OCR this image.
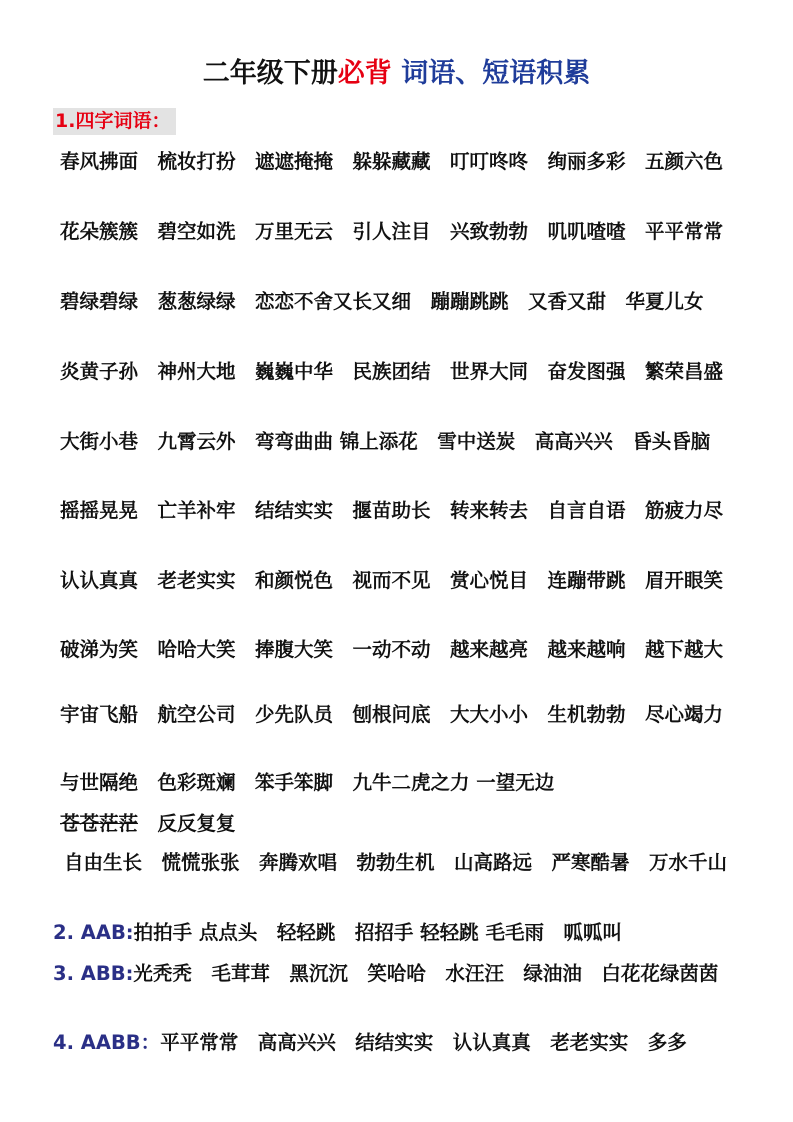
二年级下册必背 词语、短语积累
1.四字词语：
春风拂面　梳妆打扮　遮遮掩掩　躲躲藏藏　叮叮咚咚　绚丽多彩　五颜六色
花朵簇簇　碧空如洗　万里无云　引人注目　兴致勃勃　叽叽喳喳　平平常常
碧绿碧绿　葱葱绿绿　恋恋不舍又长又细　蹦蹦跳跳　又香又甜　华夏儿女
炎黄子孙　神州大地　巍巍中华　民族团结　世界大同　奋发图强　繁荣昌盛
大街小巷　九霄云外　弯弯曲曲 锦上添花　雪中送炭　高高兴兴　昏头昏脑
摇摇晃晃　亡羊补牢　结结实实　揠苗助长　转来转去　自言自语　筋疲力尽
认认真真　老老实实　和颜悦色　视而不见　赏心悦目　连蹦带跳　眉开眼笑
破涕为笑　哈哈大笑　捧腹大笑　一动不动　越来越亮　越来越响　越下越大
宇宙飞船　航空公司　少先队员　刨根问底　大大小小　生机勃勃　尽心竭力
与世隔绝　色彩斑斓　笨手笨脚　九牛二虎之力 一望无边
苍苍茫茫　反反复复
自由生长　慌慌张张　奔腾欢唱　勃勃生机　山高路远　严寒酷暑　万水千山
2. AAB:拍拍手 点点头　轻轻跳　招招手 轻轻跳 毛毛雨　呱呱叫
3. ABB:光秃秃　毛茸茸　黑沉沉　笑哈哈　水汪汪　绿油油　白花花绿茵茵
4. AABB：平平常常　高高兴兴　结结实实　认认真真　老老实实　多多
